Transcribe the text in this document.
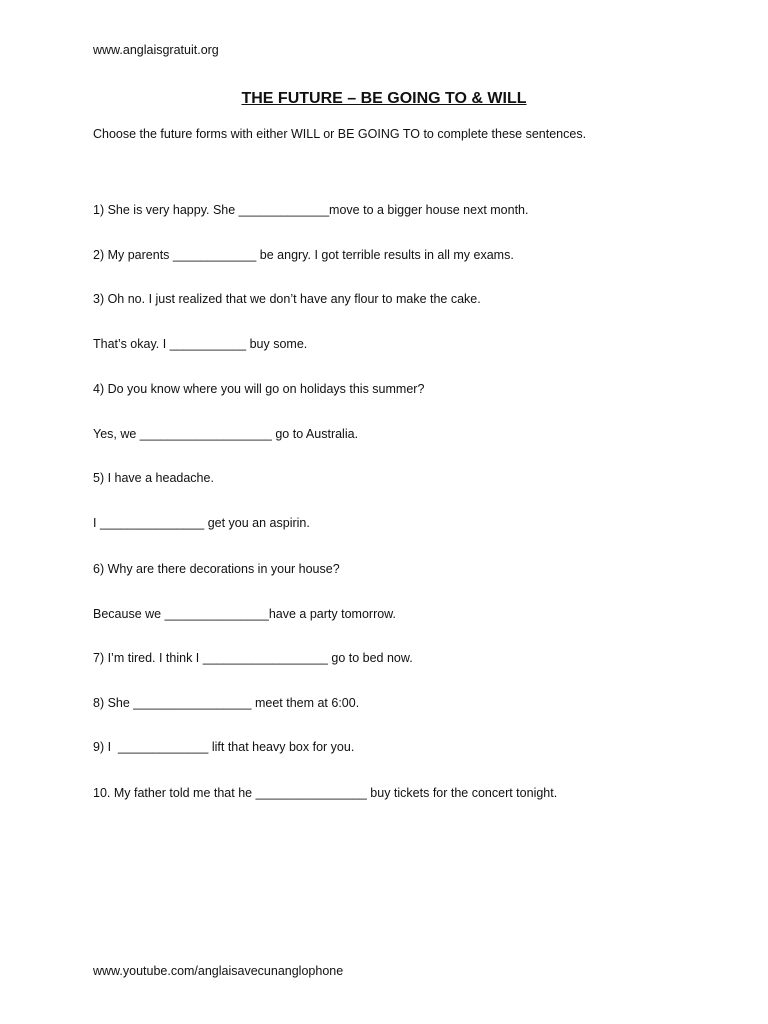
www.anglaisgratuit.org

THE FUTURE – BE GOING TO & WILL

Choose the future forms with either WILL or BE GOING TO to complete these sentences.

1) She is very happy. She _____________move to a bigger house next month.

2) My parents ____________ be angry. I got terrible results in all my exams.

3) Oh no. I just realized that we don’t have any flour to make the cake.

That’s okay. I ___________ buy some.

4) Do you know where you will go on holidays this summer?

Yes, we ___________________ go to Australia.

5) I have a headache.

I _______________ get you an aspirin.

6) Why are there decorations in your house?

Because we _______________have a party tomorrow.

7) I’m tired. I think I __________________ go to bed now.

8) She _________________ meet them at 6:00.

9) I  _____________ lift that heavy box for you.

10. My father told me that he ________________ buy tickets for the concert tonight.

www.youtube.com/anglaisavecunanglophone
